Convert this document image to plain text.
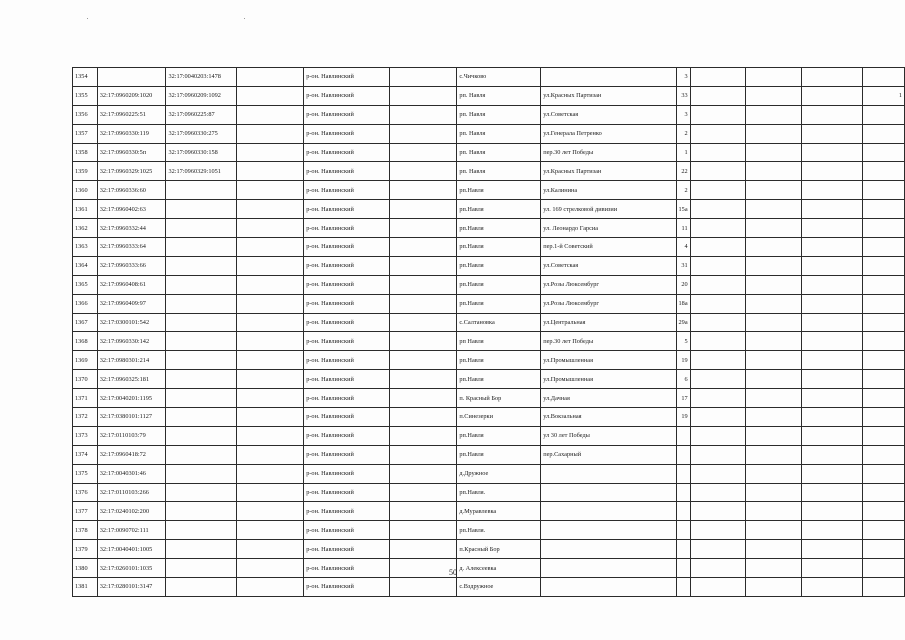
1354		32:17:0040203:1478		р-он. Навлинский		с.Чичково		3				
1355	32:17:0960209:1020	32:17:0960209:1092		р-он. Навлинский		рп. Навля	ул.Красных Партизан	33				1
1356	32:17:0960225:51	32:17:0960225:87		р-он. Навлинский		рп. Навля	ул.Советская	3				
1357	32:17:0960330:119	32:17:0960330:275		р-он. Навлинский		рп. Навля	ул.Генерала Петренко	2				
1358	32:17:0960330:5п	32:17:0960330:158		р-он. Навлинский		рп. Навля	пер.30 лет Победы	1				
1359	32:17:0960329:1025	32:17:0960329:1051		р-он. Навлинский		рп. Навля	ул.Красных Партизан	22				
1360	32:17:0960336:60			р-он. Навлинский		рп.Навля	ул.Калинина	2				
1361	32:17:0960402:63			р-он. Навлинский		рп.Навля	ул. 169 стрелковой дивизии	15а				
1362	32:17:0960332:44			р-он. Навлинский		рп.Навля	ул. Леонардо Гарсиа	11				
1363	32:17:0960333:64			р-он. Навлинский		рп.Навля	пер.1-й Советский	4				
1364	32:17:0960333:66			р-он. Навлинский		рп.Навля	ул.Советская	31				
1365	32:17:0960408:61			р-он. Навлинский		рп.Навля	ул.Розы Люксембург	20				
1366	32:17:0960409:97			р-он. Навлинский		рп.Навля	ул.Розы Люксембург	18а				
1367	32:17:0300101:542			р-он. Навлинский		с.Салтановка	ул.Центральная	29а				
1368	32:17:0960330:142			р-он. Навлинский		рп Навля	пер.30 лет Победы	5				
1369	32:17:0980301:214			р-он. Навлинский		рп.Навля	ул.Промышленная	19				
1370	32:17:0960325:181			р-он. Навлинский		рп.Навля	ул.Промышленная	6				
1371	32:17:0040201:1195			р-он. Навлинский		п. Красный Бор	ул.Дачная	17				
1372	32:17:0380101:1127			р-он. Навлинский		п.Синезерки	ул.Вокзальная	19				
1373	32:17:0110103:79			р-он. Навлинский		рп.Навля	ул 30 лет Победы					
1374	32:17:0960418:72			р-он. Навлинский		рп.Навля	пер.Сахарный					
1375	32:17:0040301:46			р-он. Навлинский		д.Дружное						
1376	32:17:0110103:266			р-он. Навлинский		рп.Навля.						
1377	32:17:0240102:200			р-он. Навлинский		д.Муравлевка						
1378	32:17:0090702:111			р-он. Навлинский		рп.Навля.						
1379	32:17:0040401:1005			р-он. Навлинский		п.Красный Бор						
1380	32:17:0260101:1035			р-он. Навлинский		д. Алексеевка						
1381	32:17:0280101:3147			р-он. Навлинский		с.Вздружное						
50
